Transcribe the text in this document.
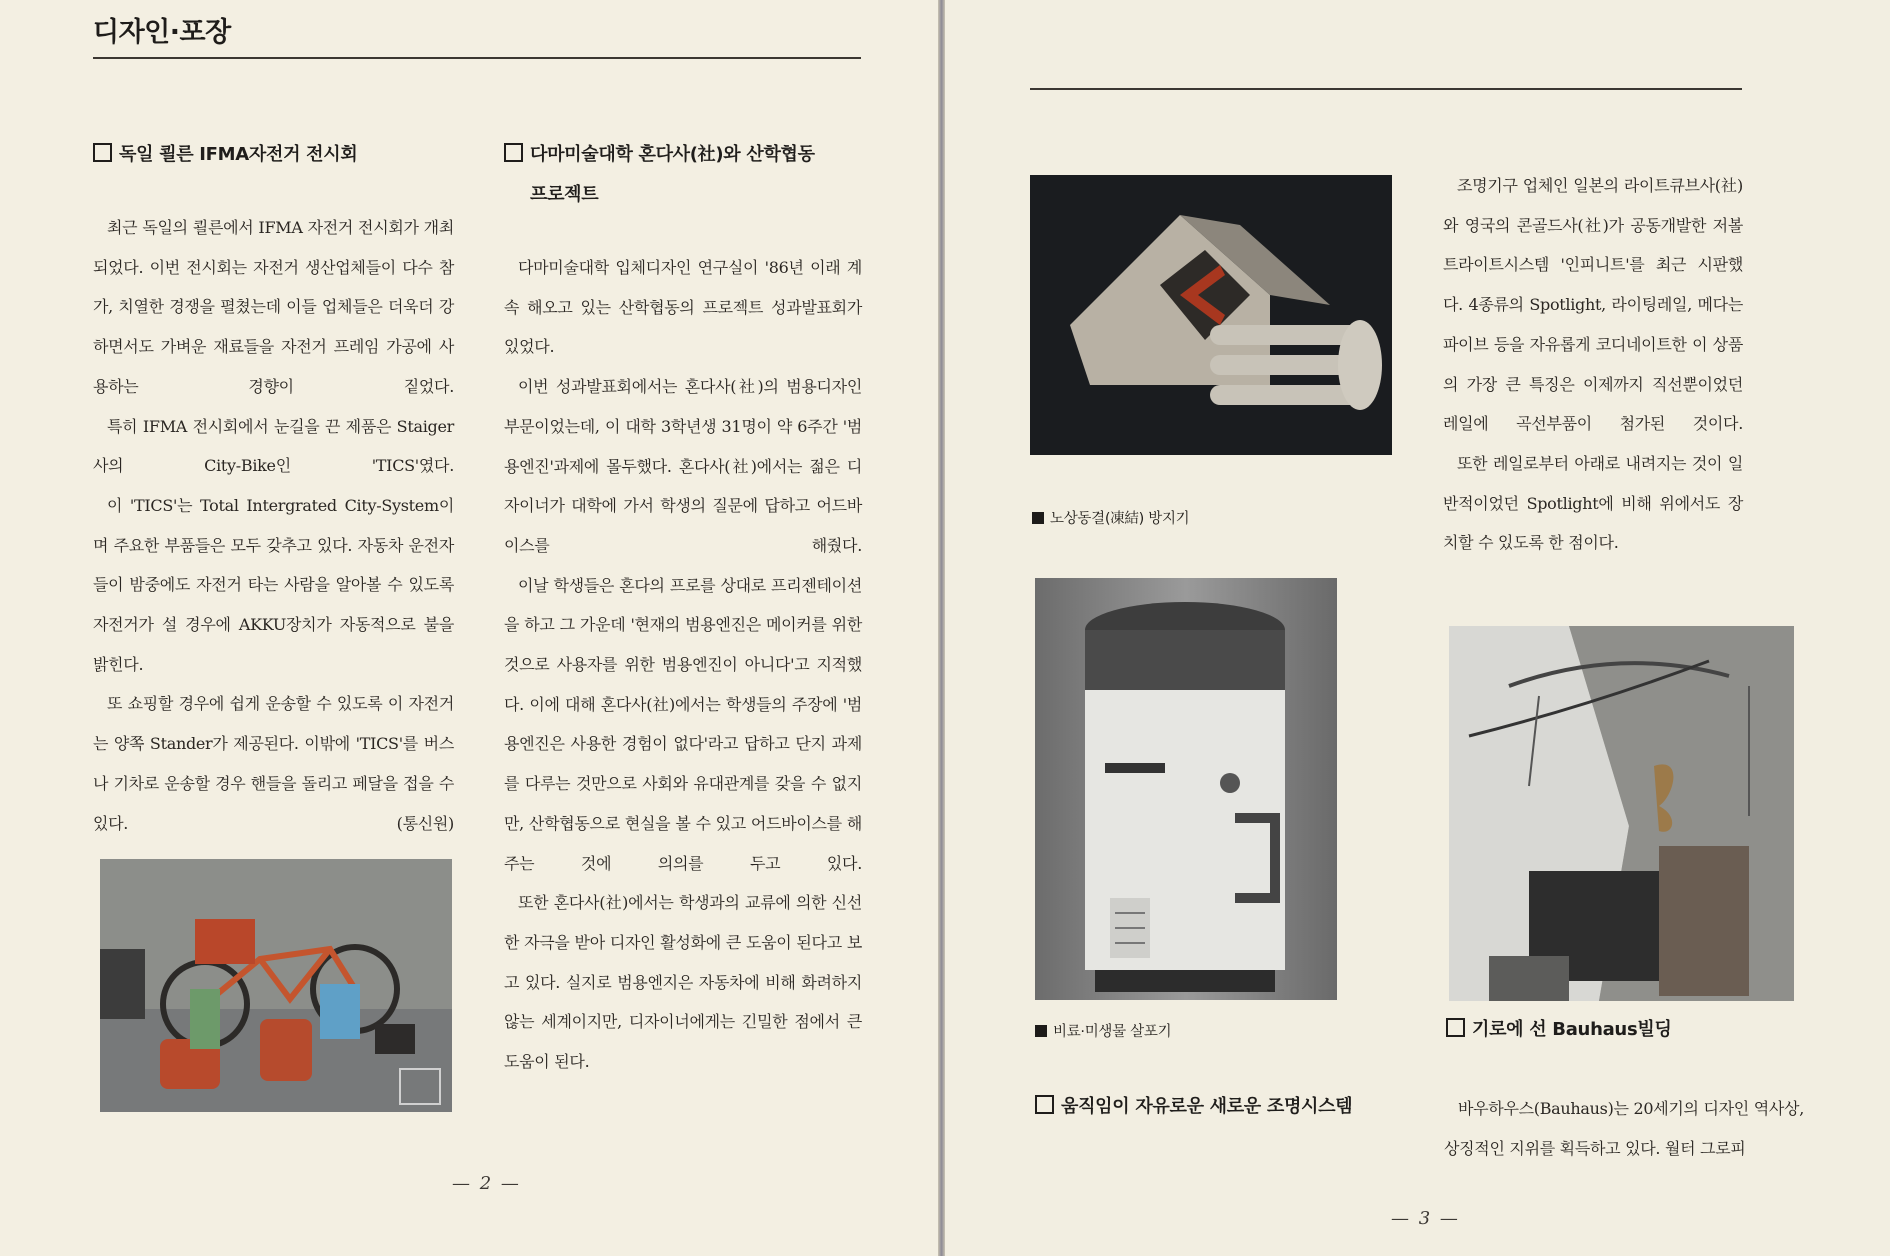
디자인·포장
독일 쾰른 IFMA자전거 전시회

최근 독일의 쾰른에서 IFMA 자전거 전시회가 개최되었다. 이번 전시회는 자전거 생산업체들이 다수 참가, 치열한 경쟁을 펼쳤는데 이들 업체들은 더욱더 강하면서도 가벼운 재료들을 자전거 프레임 가공에 사용하는 경향이 짙었다.

특히 IFMA 전시회에서 눈길을 끈 제품은 Staiger사의 City-Bike인 'TICS'였다.

이 'TICS'는 Total Intergrated City-System이며 주요한 부품들은 모두 갖추고 있다. 자동차 운전자들이 밤중에도 자전거 타는 사람을 알아볼 수 있도록 자전거가 설 경우에 AKKU장치가 자동적으로 불을 밝힌다.

또 쇼핑할 경우에 쉽게 운송할 수 있도록 이 자전거는 양쪽 Stander가 제공된다. 이밖에 'TICS'를 버스나 기차로 운송할 경우 핸들을 돌리고 페달을 접을 수 있다.	(통신원)

다마미술대학 혼다사(社)와 산학협동
프로젝트

다마미술대학 입체디자인 연구실이 '86년 이래 계속 해오고 있는 산학협동의 프로젝트 성과발표회가 있었다.

이번 성과발표회에서는 혼다사(社)의 범용디자인 부문이었는데, 이 대학 3학년생 31명이 약 6주간 '범용엔진'과제에 몰두했다. 혼다사(社)에서는 젊은 디자이너가 대학에 가서 학생의 질문에 답하고 어드바이스를 해줬다.

이날 학생들은 혼다의 프로를 상대로 프리젠테이션을 하고 그 가운데 '현재의 범용엔진은 메이커를 위한 것으로 사용자를 위한 범용엔진이 아니다'고 지적했다. 이에 대해 혼다사(社)에서는 학생들의 주장에 '범용엔진은 사용한 경험이 없다'라고 답하고 단지 과제를 다루는 것만으로 사회와 유대관계를 갖을 수 없지만, 산학협동으로 현실을 볼 수 있고 어드바이스를 해주는 것에 의의를 두고 있다.

또한 혼다사(社)에서는 학생과의 교류에 의한 신선한 자극을 받아 디자인 활성화에 큰 도움이 된다고 보고 있다. 실지로 범용엔지은 자동차에 비해 화려하지 않는 세계이지만, 디자이너에게는 긴밀한 점에서 큰 도움이 된다.

— 2 —
노상동결(凍結) 방지기

조명기구 업체인 일본의 라이트큐브사(社)와 영국의 콘골드사(社)가 공동개발한 저볼트라이트시스템 '인피니트'를 최근 시판했다. 4종류의 Spotlight, 라이팅레일, 메다는 파이브 등을 자유롭게 코디네이트한 이 상품의 가장 큰 특징은 이제까지 직선뿐이었던 레일에 곡선부품이 첨가된 것이다.

또한 레일로부터 아래로 내려지는 것이 일반적이었던 Spotlight에 비해 위에서도 장치할 수 있도록 한 점이다.

비료·미생물 살포기
움직임이 자유로운 새로운 조명시스템
기로에 선 Bauhaus빌딩

바우하우스(Bauhaus)는 20세기의 디자인 역사상, 상징적인 지위를 획득하고 있다. 월터 그로피

— 3 —
